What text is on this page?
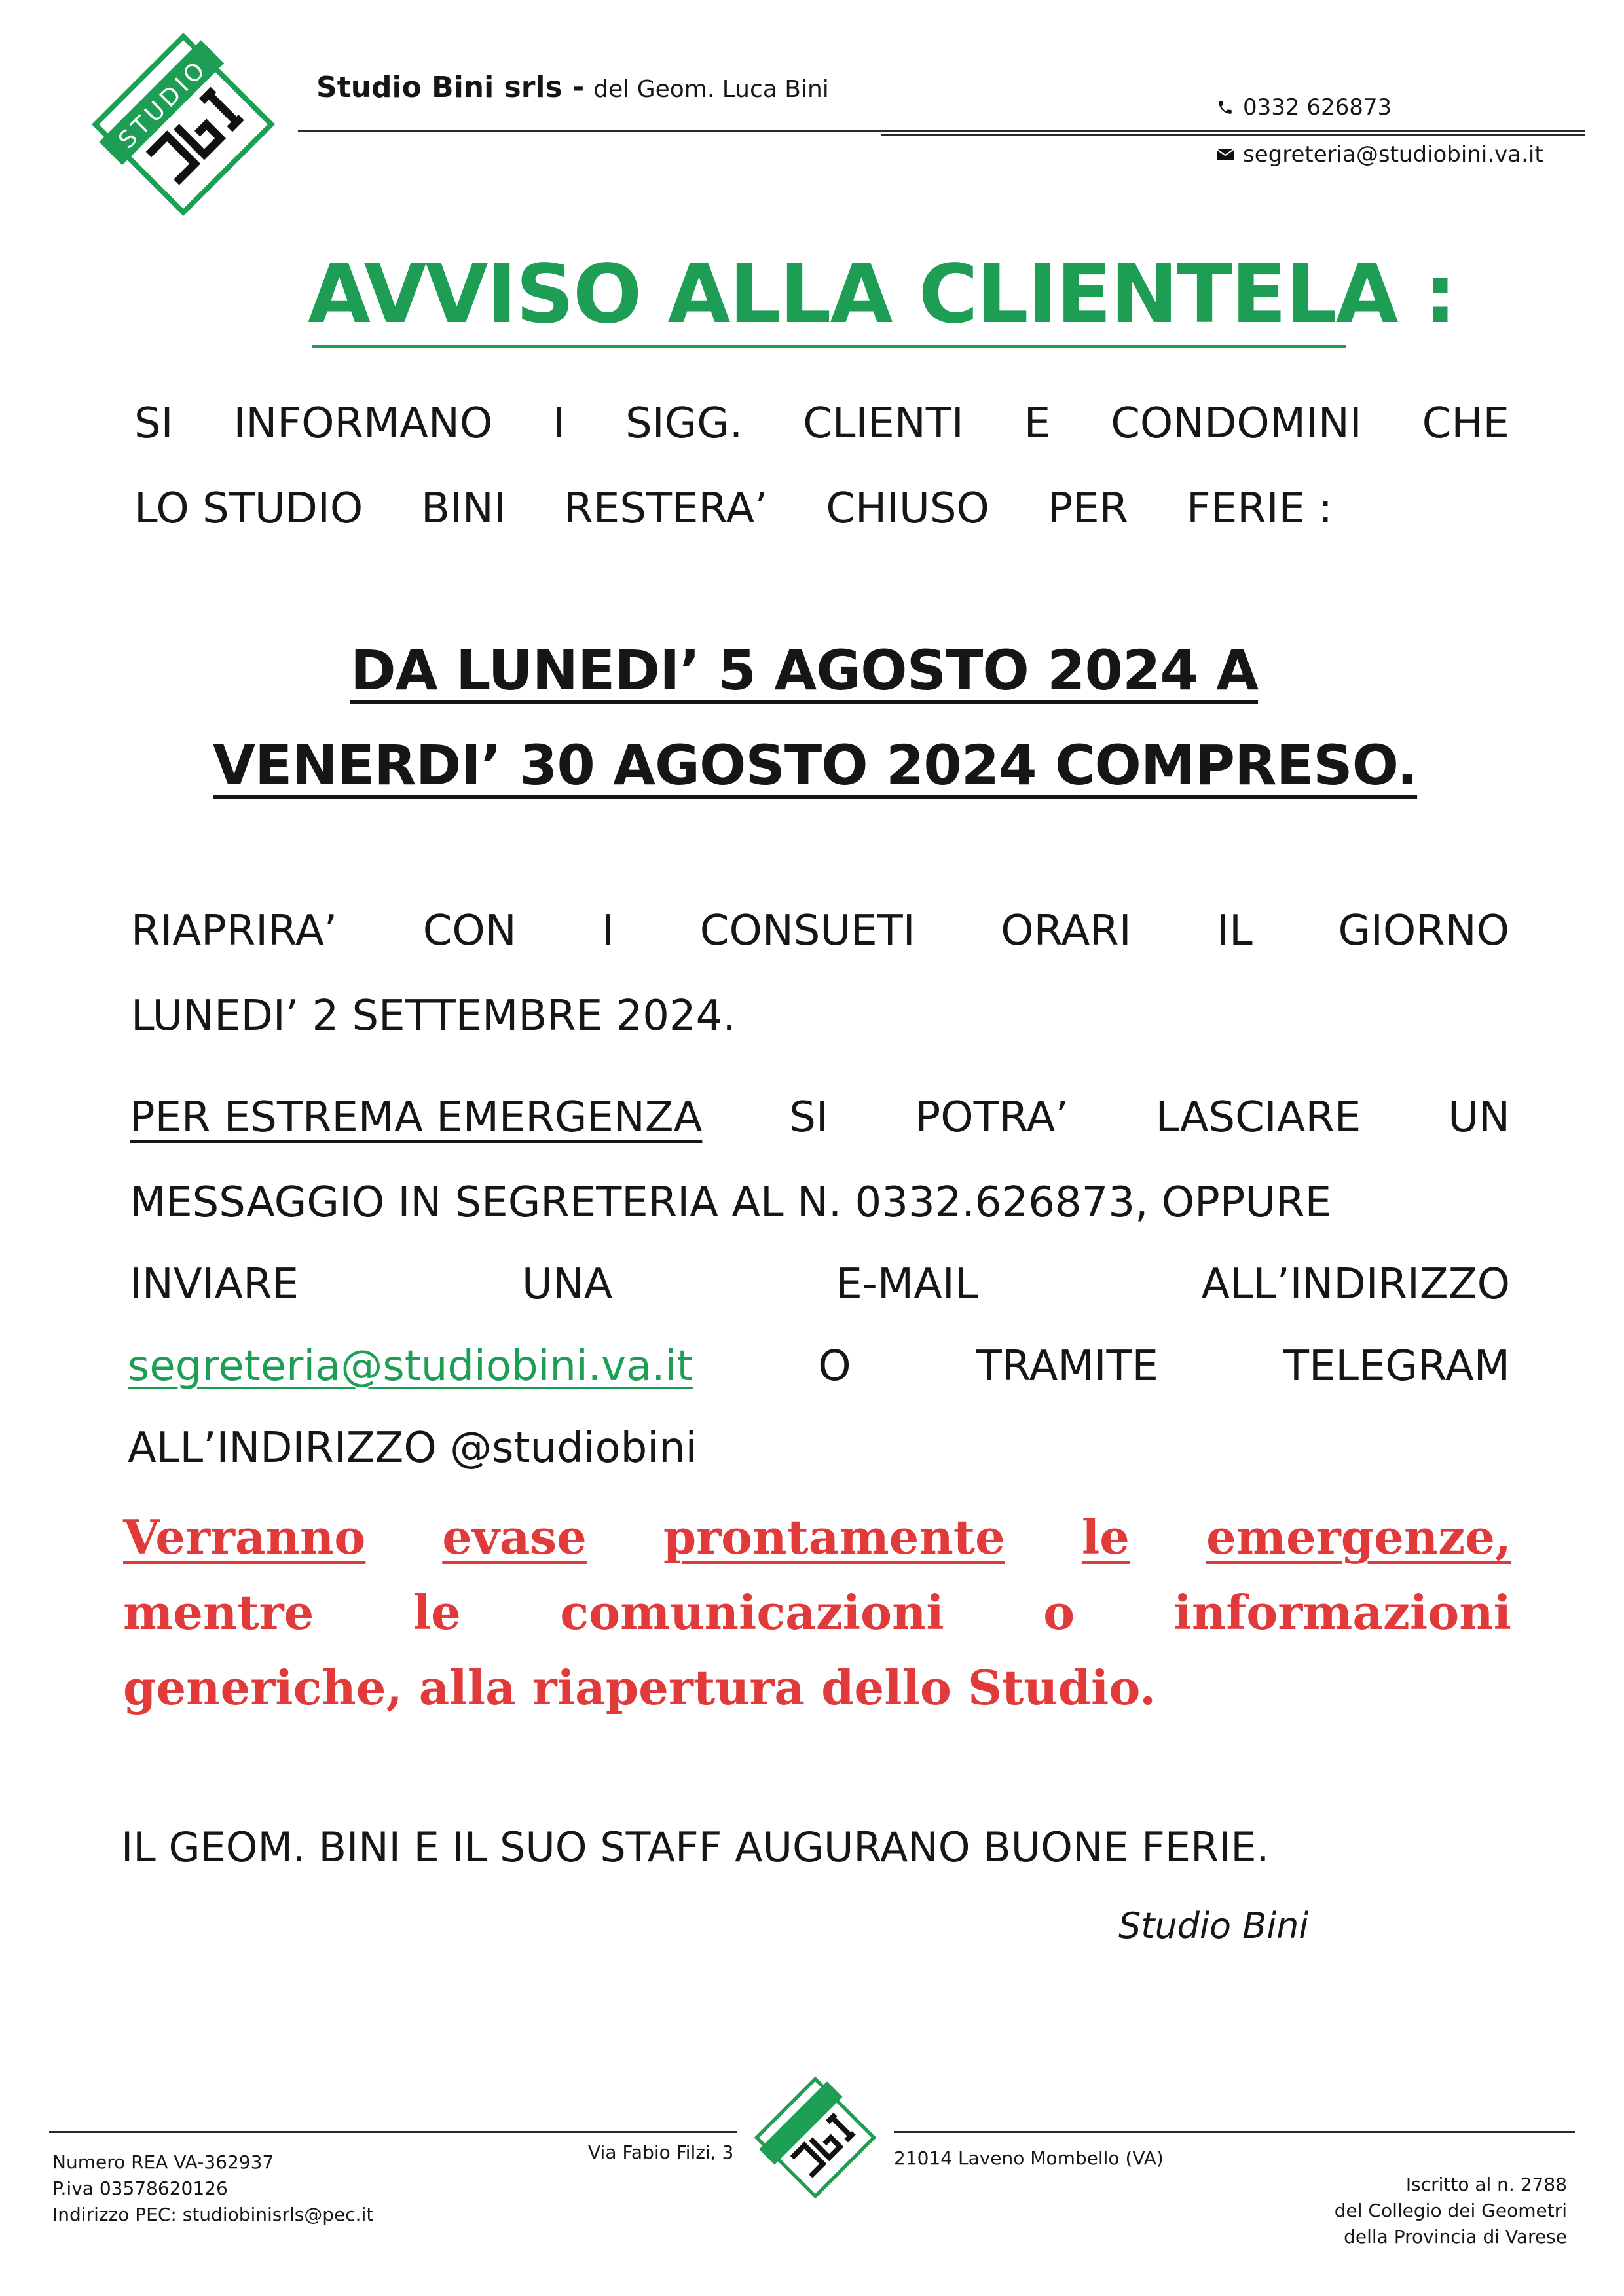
STUDIO	Studio Bini srls - del Geom. Luca Bini
0332 626873
segreteria@studiobini.va.it
AVVISO ALLA CLIENTELA :
SI INFORMANO I SIGG. CLIENTI E CONDOMINI CHE
LO STUDIO BINI RESTERA’ CHIUSO PER FERIE :
DA LUNEDI’ 5 AGOSTO 2024 A
VENERDI’ 30 AGOSTO 2024 COMPRESO.
RIAPRIRA’ CON I CONSUETI ORARI IL GIORNO
LUNEDI’ 2 SETTEMBRE 2024.
PER ESTREMA EMERGENZA SI POTRA’ LASCIARE UN
MESSAGGIO IN SEGRETERIA AL N. 0332.626873, OPPURE
INVIARE	UNA	E-MAIL	ALL’INDIRIZZO
segreteria@studiobini.va.it	O	TRAMITE	TELEGRAM
ALL’INDIRIZZO @studiobini
Verranno evase prontamente le emergenze,
mentre le comunicazioni o informazioni
generiche, alla riapertura dello Studio.
IL GEOM. BINI E IL SUO STAFF AUGURANO BUONE FERIE.
Studio Bini
Via Fabio Filzi, 3	21014 Laveno Mombello (VA)
Numero REA VA-362937
P.iva 03578620126
Indirizzo PEC: studiobinisrls@pec.it
Iscritto al n. 2788
del Collegio dei Geometri
della Provincia di Varese
